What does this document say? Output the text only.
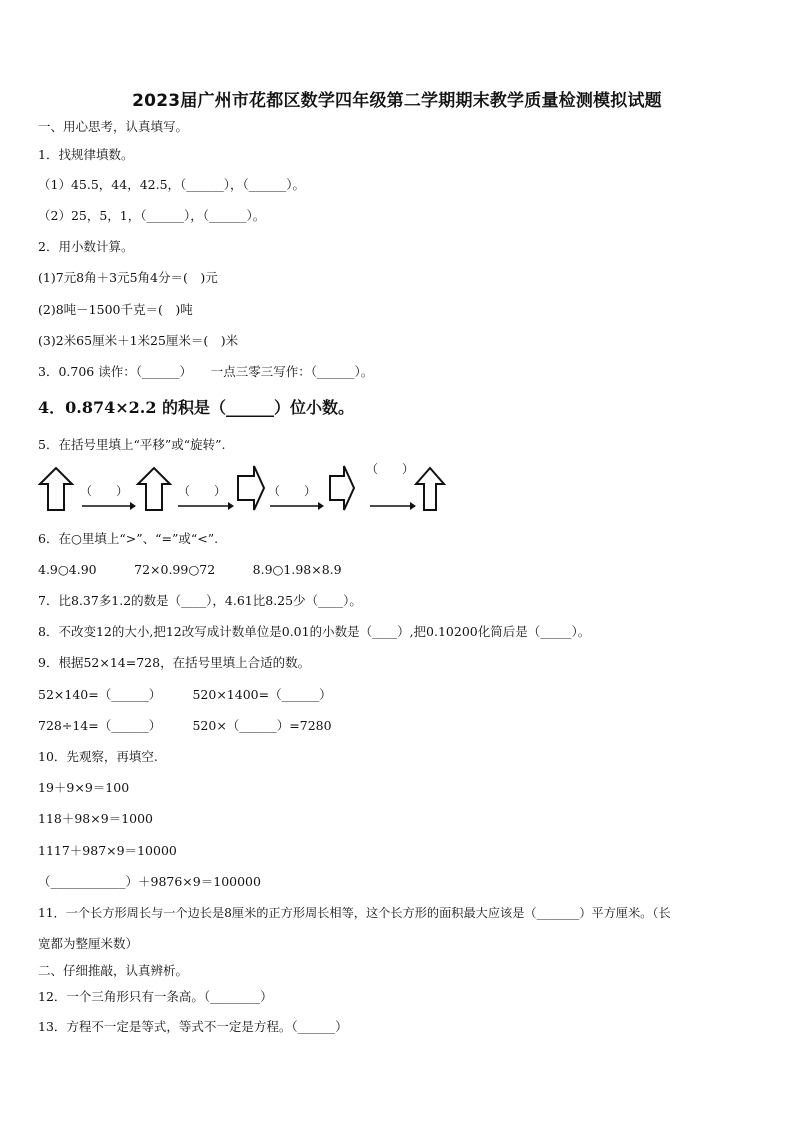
2023届广州市花都区数学四年级第二学期期末教学质量检测模拟试题
一、用心思考，认真填写。
1．找规律填数。
（1）45.5，44，42.5，（______），（______）。
（2）25，5，1，（______），（______）。
2．用小数计算。
(1)7元8角＋3元5角4分＝(　)元
(2)8吨－1500千克＝(　)吨
(3)2米65厘米＋1米25厘米＝(　)米
3．0.706 读作：（______）　　一点三零三写作：（______）。
4．0.874×2.2 的积是（______）位小数。
5．在括号里填上“平移”或“旋转”.
（　　）	（　　）	（　　）
（　　）
6．在○里填上“>”、“=”或“<”.
4.9○4.90　　　72×0.99○72　　　8.9○1.98×8.9
7．比8.37多1.2的数是（____），4.61比8.25少（____）。
8．不改变12的大小,把12改写成计数单位是0.01的小数是（____）,把0.10200化简后是（_____）。
9．根据52×14=728，在括号里填上合适的数。
52×140=（______）　　　520×1400=（______）
728÷14=（______）　　　520×（______）=7280
10．先观察，再填空.
19＋9×9＝100
118＋98×9＝1000
1117＋987×9＝10000
（____________）＋9876×9＝100000
11．一个长方形周长与一个边长是8厘米的正方形周长相等，这个长方形的面积最大应该是（_______）平方厘米。（长
宽都为整厘米数）
二、仔细推敲，认真辨析。
12．一个三角形只有一条高。（________）
13．方程不一定是等式，等式不一定是方程。（______）
